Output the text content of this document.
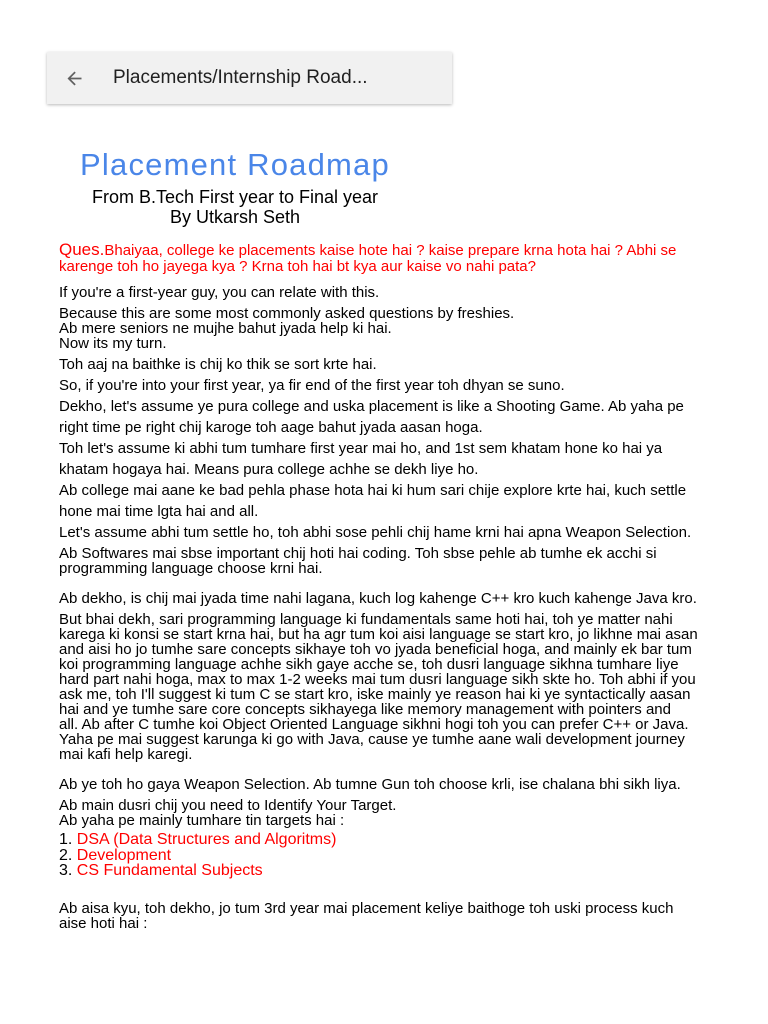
Placements/Internship Road...
Placement Roadmap
From B.Tech First year to Final year
By Utkarsh Seth
Ques.Bhaiyaa, college ke placements kaise hote hai ? kaise prepare krna hota hai ? Abhi se
karenge toh ho jayega kya ? Krna toh hai bt kya aur kaise vo nahi pata?
If you're a first-year guy, you can relate with this.
Because this are some most commonly asked questions by freshies.
Ab mere seniors ne mujhe bahut jyada help ki hai.
Now its my turn.
Toh aaj na baithke is chij ko thik se sort krte hai.
So, if you're into your first year, ya fir end of the first year toh dhyan se suno.
Dekho, let's assume ye pura college and uska placement is like a Shooting Game. Ab yaha pe
right time pe right chij karoge toh aage bahut jyada aasan hoga.
Toh let's assume ki abhi tum tumhare first year mai ho, and 1st sem khatam hone ko hai ya
khatam hogaya hai. Means pura college achhe se dekh liye ho.
Ab college mai aane ke bad pehla phase hota hai ki hum sari chije explore krte hai, kuch settle
hone mai time lgta hai and all.
Let's assume abhi tum settle ho, toh abhi sose pehli chij hame krni hai apna Weapon Selection.
Ab Softwares mai sbse important chij hoti hai coding. Toh sbse pehle ab tumhe ek acchi si
programming language choose krni hai.
Ab dekho, is chij mai jyada time nahi lagana, kuch log kahenge C++ kro kuch kahenge Java kro.
But bhai dekh, sari programming language ki fundamentals same hoti hai, toh ye matter nahi
karega ki konsi se start krna hai, but ha agr tum koi aisi language se start kro, jo likhne mai asan
and aisi ho jo tumhe sare concepts sikhaye toh vo jyada beneficial hoga, and mainly ek bar tum
koi programming language achhe sikh gaye acche se, toh dusri language sikhna tumhare liye
hard part nahi hoga, max to max 1-2 weeks mai tum dusri language sikh skte ho. Toh abhi if you
ask me, toh I'll suggest ki tum C se start kro, iske mainly ye reason hai ki ye syntactically aasan
hai and ye tumhe sare core concepts sikhayega like memory management with pointers and
all. Ab after C tumhe koi Object Oriented Language sikhni hogi toh you can prefer C++ or Java.
Yaha pe mai suggest karunga ki go with Java, cause ye tumhe aane wali development journey
mai kafi help karegi.
Ab ye toh ho gaya Weapon Selection. Ab tumne Gun toh choose krli, ise chalana bhi sikh liya.
Ab main dusri chij you need to Identify Your Target.
Ab yaha pe mainly tumhare tin targets hai :
1. DSA (Data Structures and Algoritms)
2. Development
3. CS Fundamental Subjects
Ab aisa kyu, toh dekho, jo tum 3rd year mai placement keliye baithoge toh uski process kuch
aise hoti hai :
